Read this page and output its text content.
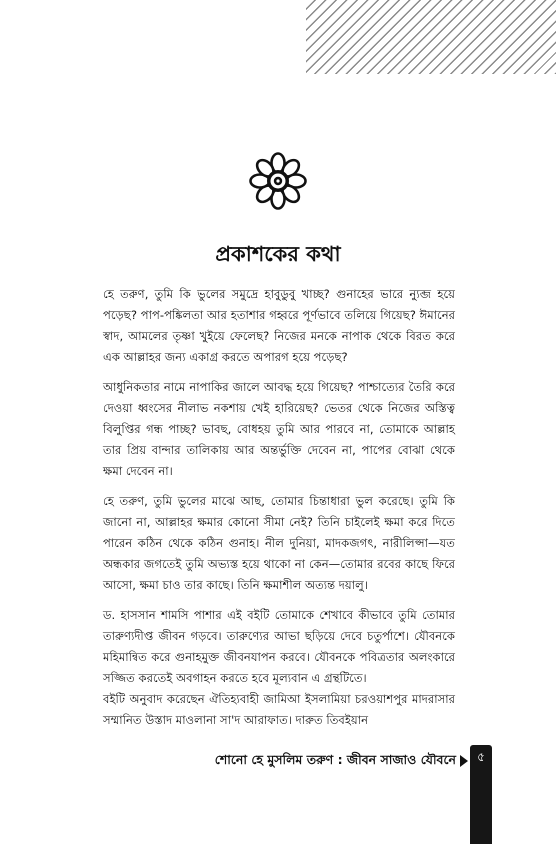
প্রকাশকের কথা

হে তরুণ, তুমি কি ভুলের সমুদ্রে হাবুডুবু খাচ্ছ? গুনাহের ভারে ন্যুব্জ হয়ে পড়েছ? পাপ-পঙ্কিলতা আর হতাশার গহ্বরে পূর্ণভাবে তলিয়ে গিয়েছ? ঈমানের স্বাদ, আমলের তৃষ্ণা খুইয়ে ফেলেছ? নিজের মনকে নাপাক থেকে বিরত করে এক আল্লাহর জন্য একাগ্র করতে অপারগ হয়ে পড়েছ?

আধুনিকতার নামে নাপাকির জালে আবদ্ধ হয়ে গিয়েছ? পাশ্চাত্যের তৈরি করে দেওয়া ধ্বংসের নীলাভ নকশায় খেই হারিয়েছ? ভেতর থেকে নিজের অস্তিত্ব বিলুপ্তির গন্ধ পাচ্ছ? ভাবছ, বোধহয় তুমি আর পারবে না, তোমাকে আল্লাহ তার প্রিয় বান্দার তালিকায় আর অন্তর্ভুক্তি দেবেন না, পাপের বোঝা থেকে ক্ষমা দেবেন না।

হে তরুণ, তুমি ভুলের মাঝে আছ, তোমার চিন্তাধারা ভুল করেছে। তুমি কি জানো না, আল্লাহর ক্ষমার কোনো সীমা নেই? তিনি চাইলেই ক্ষমা করে দিতে পারেন কঠিন থেকে কঠিন গুনাহ। নীল দুনিয়া, মাদকজগৎ, নারীলিপ্সা—যত অন্ধকার জগতেই তুমি অভ্যস্ত হয়ে থাকো না কেন—তোমার রবের কাছে ফিরে আসো, ক্ষমা চাও তার কাছে। তিনি ক্ষমাশীল অত্যন্ত দয়ালু।

ড. হাসসান শামসি পাশার এই বইটি তোমাকে শেখাবে কীভাবে তুমি তোমার তারুণ্যদীপ্ত জীবন গড়বে। তারুণ্যের আভা ছড়িয়ে দেবে চতুর্পাশে। যৌবনকে মহিমান্বিত করে গুনাহমুক্ত জীবনযাপন করবে। যৌবনকে পবিত্রতার অলংকারে সজ্জিত করতেই অবগাহন করতে হবে মূল্যবান এ গ্রন্থটিতে।

বইটি অনুবাদ করেছেন ঐতিহ্যবাহী জামিআ ইসলামিয়া চরওয়াশপুর মাদরাসার সম্মানিত উস্তাদ মাওলানা সা'দ আরাফাত। দারুত তিবইয়ান

শোনো হে মুসলিম তরুণ : জীবন সাজাও যৌবনে	৫
